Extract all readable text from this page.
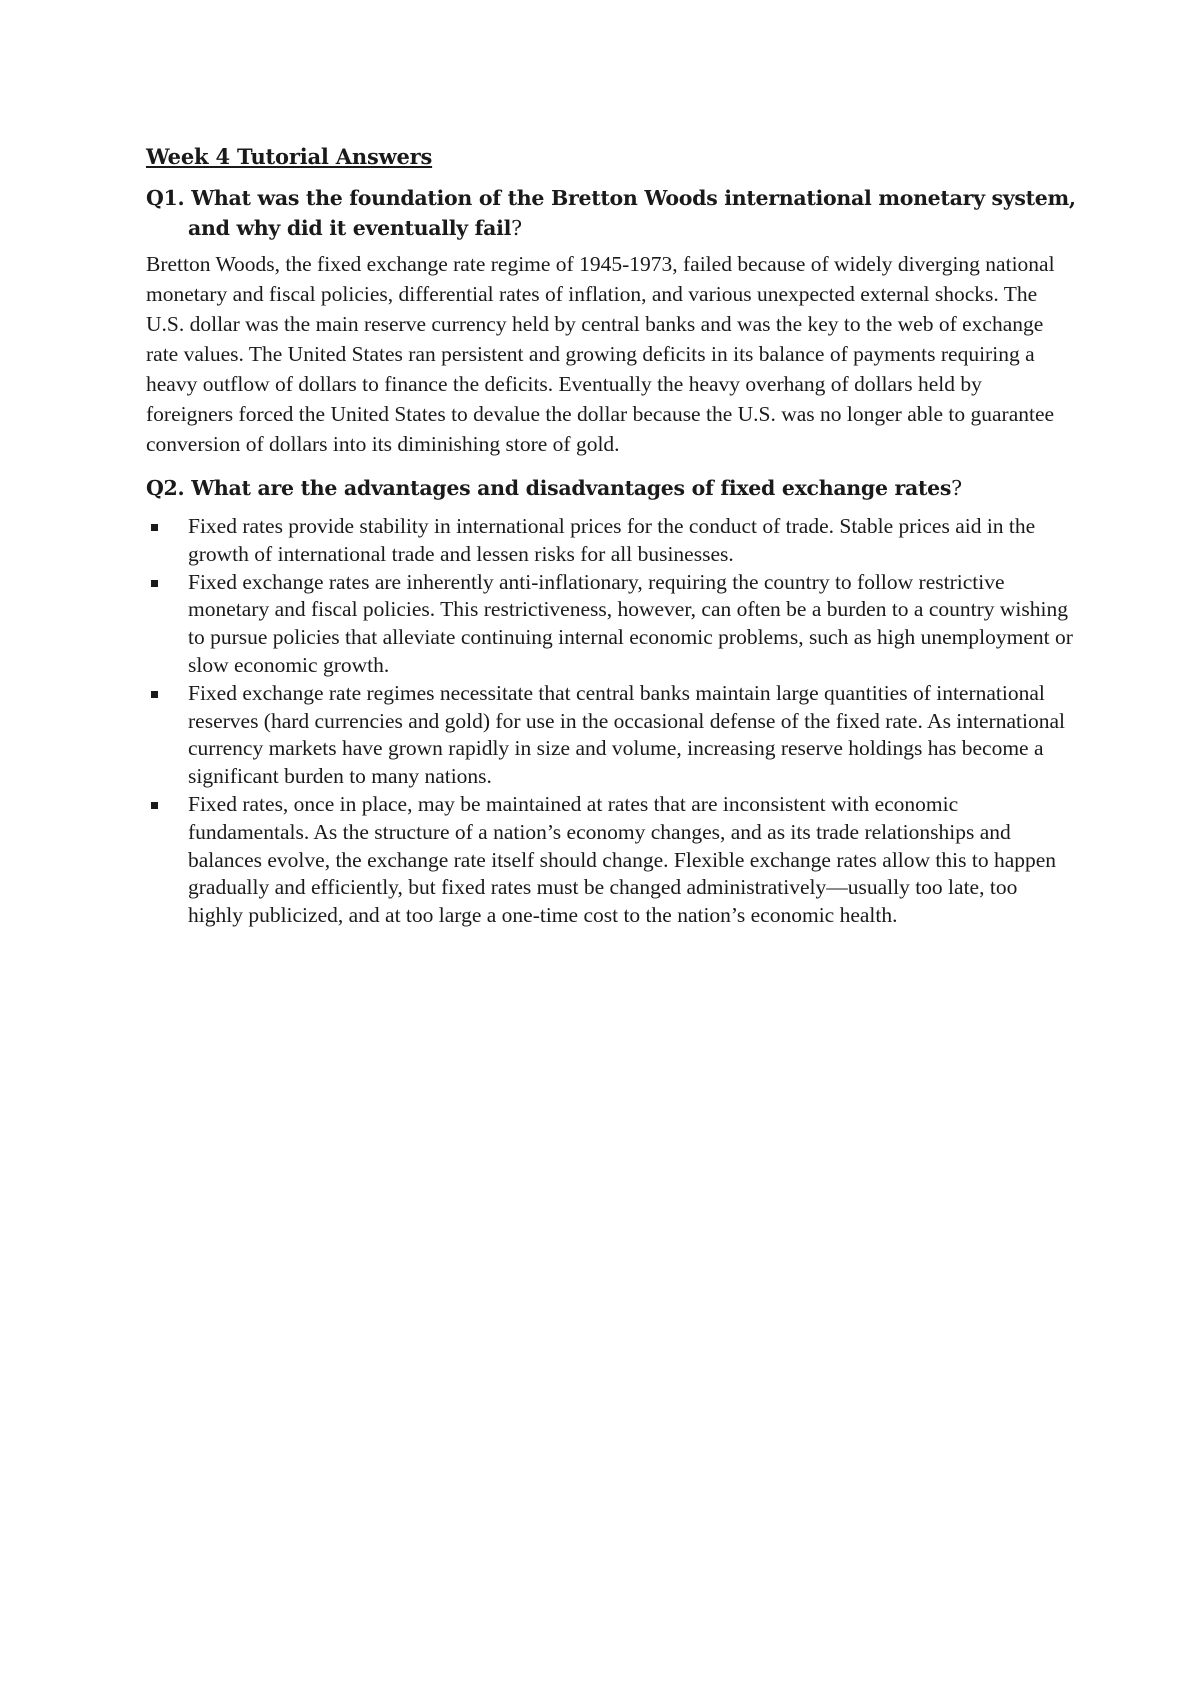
Week 4 Tutorial Answers

Q1. What was the foundation of the Bretton Woods international monetary system, and why did it eventually fail?

Bretton Woods, the fixed exchange rate regime of 1945-1973, failed because of widely diverging national monetary and fiscal policies, differential rates of inflation, and various unexpected external shocks. The U.S. dollar was the main reserve currency held by central banks and was the key to the web of exchange rate values. The United States ran persistent and growing deficits in its balance of payments requiring a heavy outflow of dollars to finance the deficits. Eventually the heavy overhang of dollars held by foreigners forced the United States to devalue the dollar because the U.S. was no longer able to guarantee conversion of dollars into its diminishing store of gold.

Q2. What are the advantages and disadvantages of fixed exchange rates?

Fixed rates provide stability in international prices for the conduct of trade. Stable prices aid in the growth of international trade and lessen risks for all businesses.
Fixed exchange rates are inherently anti-inflationary, requiring the country to follow restrictive monetary and fiscal policies. This restrictiveness, however, can often be a burden to a country wishing to pursue policies that alleviate continuing internal economic problems, such as high unemployment or slow economic growth.
Fixed exchange rate regimes necessitate that central banks maintain large quantities of international reserves (hard currencies and gold) for use in the occasional defense of the fixed rate. As international currency markets have grown rapidly in size and volume, increasing reserve holdings has become a significant burden to many nations.
Fixed rates, once in place, may be maintained at rates that are inconsistent with economic fundamentals. As the structure of a nation’s economy changes, and as its trade relationships and balances evolve, the exchange rate itself should change. Flexible exchange rates allow this to happen gradually and efficiently, but fixed rates must be changed administratively—usually too late, too highly publicized, and at too large a one-time cost to the nation’s economic health.
